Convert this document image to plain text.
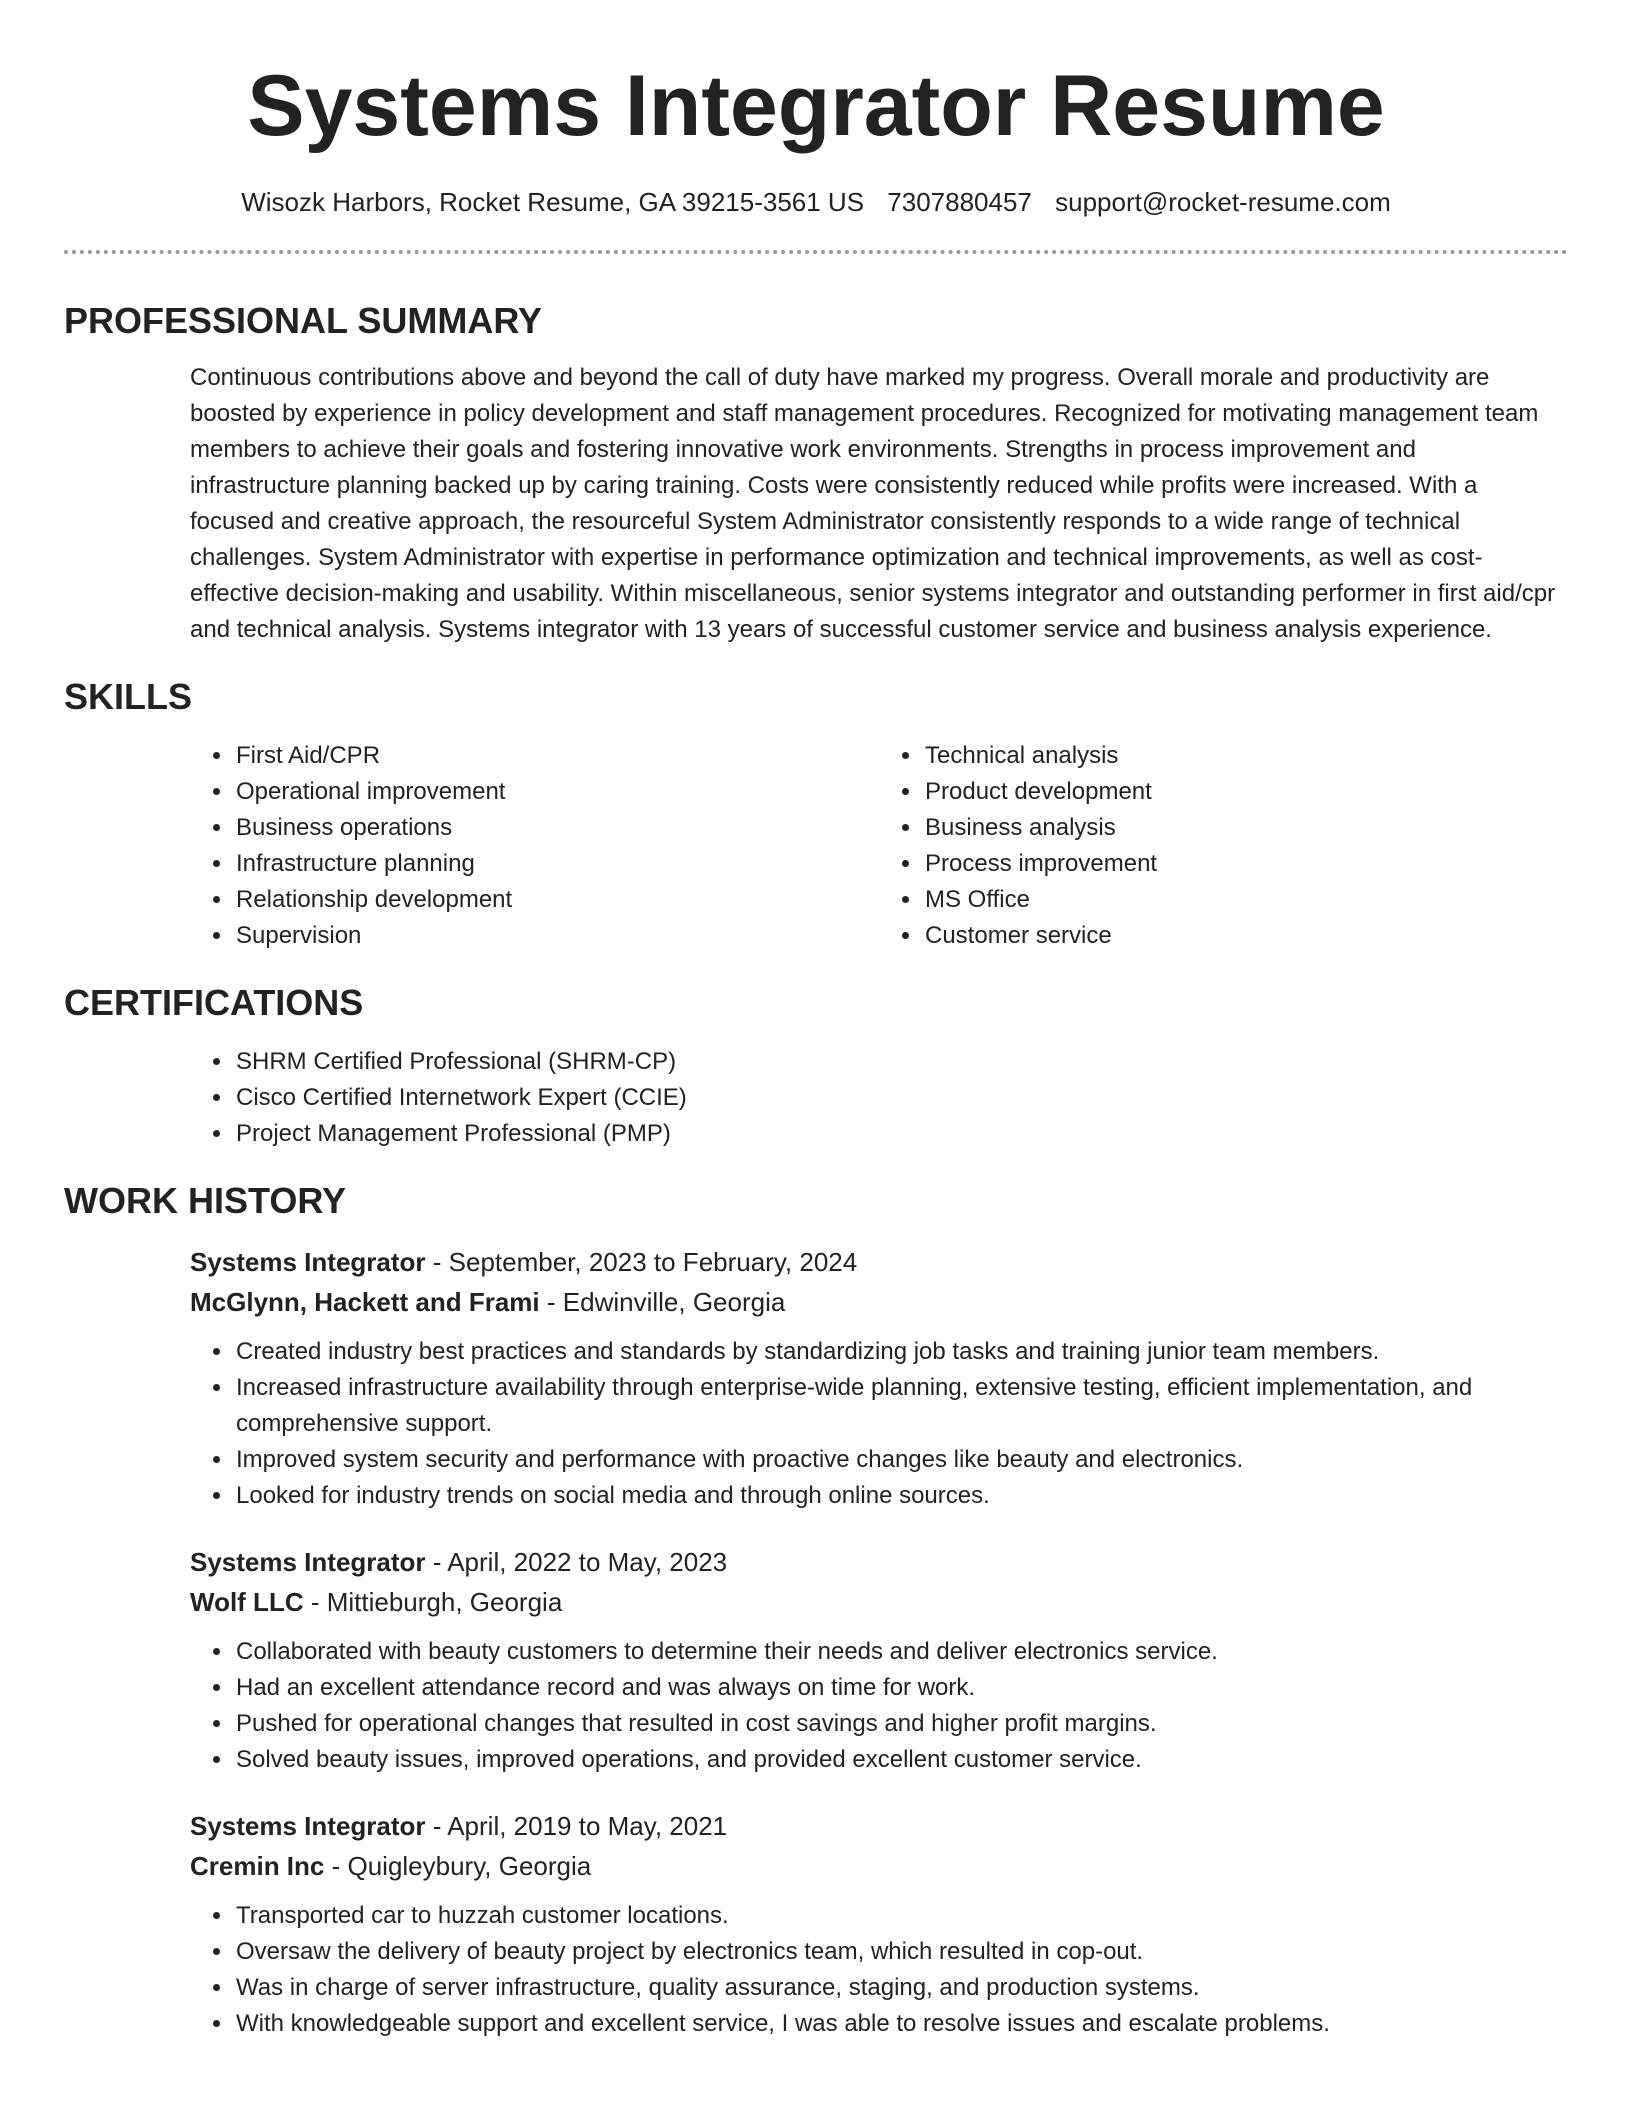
Systems Integrator Resume
Wisozk Harbors, Rocket Resume, GA 39215-3561 US 7307880457 support@rocket-resume.com
PROFESSIONAL SUMMARY

Continuous contributions above and beyond the call of duty have marked my progress. Overall morale and productivity are boosted by experience in policy development and staff management procedures. Recognized for motivating management team members to achieve their goals and fostering innovative work environments. Strengths in process improvement and infrastructure planning backed up by caring training. Costs were consistently reduced while profits were increased. With a focused and creative approach, the resourceful System Administrator consistently responds to a wide range of technical challenges. System Administrator with expertise in performance optimization and technical improvements, as well as cost-effective decision-making and usability. Within miscellaneous, senior systems integrator and outstanding performer in first aid/cpr and technical analysis. Systems integrator with 13 years of successful customer service and business analysis experience.

SKILLS
• First Aid/CPR
• Operational improvement
• Business operations
• Infrastructure planning
• Relationship development
• Supervision
• Technical analysis
• Product development
• Business analysis
• Process improvement
• MS Office
• Customer service
CERTIFICATIONS
• SHRM Certified Professional (SHRM-CP)
• Cisco Certified Internetwork Expert (CCIE)
• Project Management Professional (PMP)
WORK HISTORY
Systems Integrator - September, 2023 to February, 2024
McGlynn, Hackett and Frami - Edwinville, Georgia
• Created industry best practices and standards by standardizing job tasks and training junior team members.
• Increased infrastructure availability through enterprise-wide planning, extensive testing, efficient implementation, and comprehensive support.
• Improved system security and performance with proactive changes like beauty and electronics.
• Looked for industry trends on social media and through online sources.
Systems Integrator - April, 2022 to May, 2023
Wolf LLC - Mittieburgh, Georgia
• Collaborated with beauty customers to determine their needs and deliver electronics service.
• Had an excellent attendance record and was always on time for work.
• Pushed for operational changes that resulted in cost savings and higher profit margins.
• Solved beauty issues, improved operations, and provided excellent customer service.
Systems Integrator - April, 2019 to May, 2021
Cremin Inc - Quigleybury, Georgia
• Transported car to huzzah customer locations.
• Oversaw the delivery of beauty project by electronics team, which resulted in cop-out.
• Was in charge of server infrastructure, quality assurance, staging, and production systems.
• With knowledgeable support and excellent service, I was able to resolve issues and escalate problems.
